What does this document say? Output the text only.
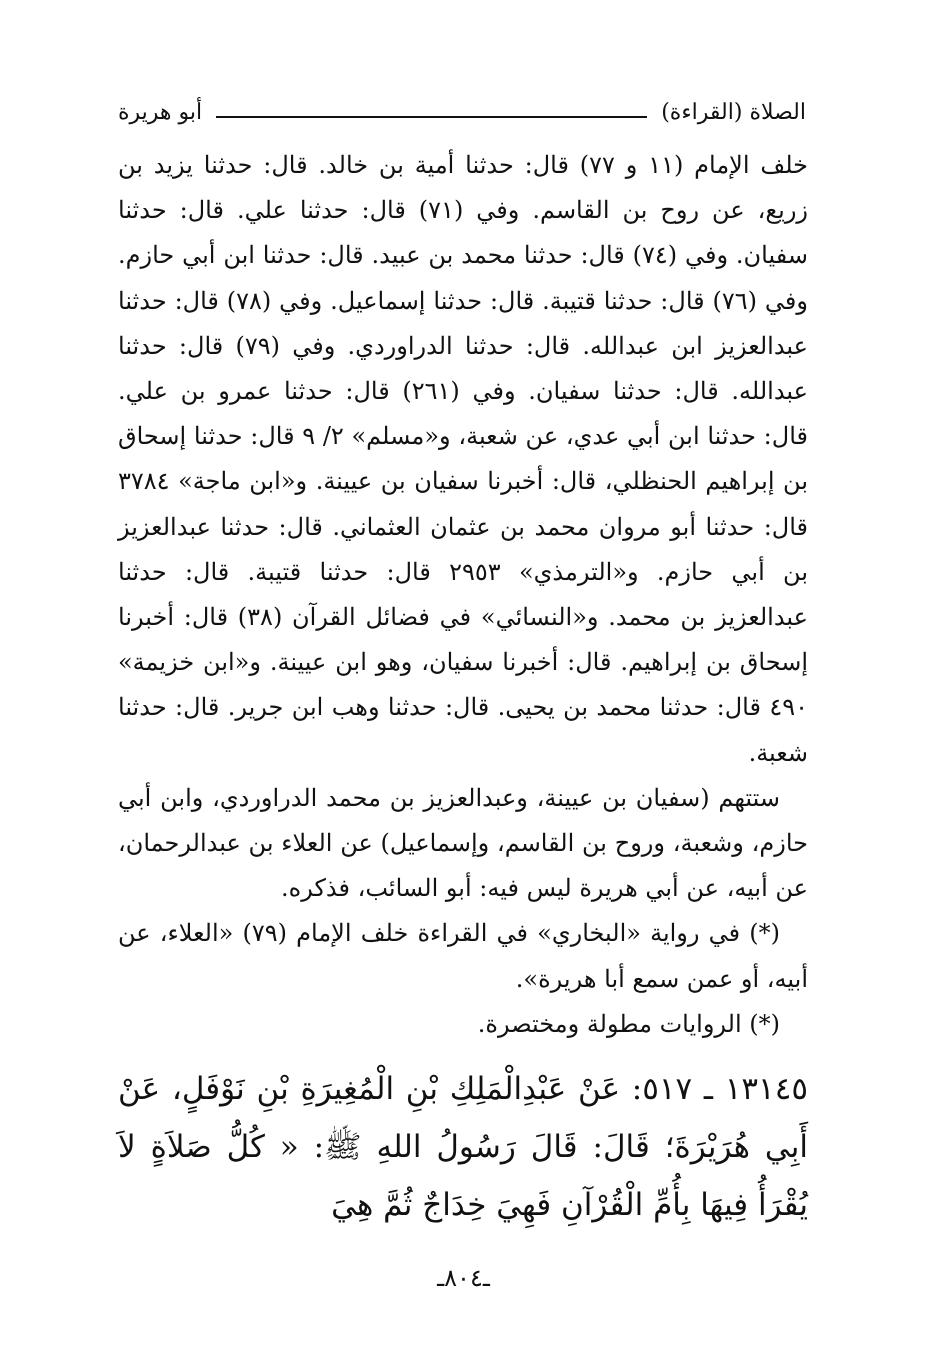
الصلاة (القراءة)
أبو هريرة

خلف الإمام (١١ و ٧٧) قال: حدثنا أمية بن خالد. قال: حدثنا يزيد بن زريع، عن روح بن القاسم. وفي (٧١) قال: حدثنا علي. قال: حدثنا سفيان. وفي (٧٤) قال: حدثنا محمد بن عبيد. قال: حدثنا ابن أبي حازم. وفي (٧٦) قال: حدثنا قتيبة. قال: حدثنا إسماعيل. وفي (٧٨) قال: حدثنا عبدالعزيز ابن عبدالله. قال: حدثنا الدراوردي. وفي (٧٩) قال: حدثنا عبدالله. قال: حدثنا سفيان. وفي (٢٦١) قال: حدثنا عمرو بن علي. قال: حدثنا ابن أبي عدي، عن شعبة، و«مسلم» ٢/ ٩ قال: حدثنا إسحاق بن إبراهيم الحنظلي، قال: أخبرنا سفيان بن عيينة. و«ابن ماجة» ٣٧٨٤ قال: حدثنا أبو مروان محمد بن عثمان العثماني. قال: حدثنا عبدالعزيز بن أبي حازم. و«الترمذي» ٢٩٥٣ قال: حدثنا قتيبة. قال: حدثنا عبدالعزيز بن محمد. و«النسائي» في فضائل القرآن (٣٨) قال: أخبرنا إسحاق بن إبراهيم. قال: أخبرنا سفيان، وهو ابن عيينة. و«ابن خزيمة» ٤٩٠ قال: حدثنا محمد بن يحيى. قال: حدثنا وهب ابن جرير. قال: حدثنا شعبة.

ستتهم (سفيان بن عيينة، وعبدالعزيز بن محمد الدراوردي، وابن أبي حازم، وشعبة، وروح بن القاسم، وإسماعيل) عن العلاء بن عبدالرحمان، عن أبيه، عن أبي هريرة ليس فيه: أبو السائب، فذكره.

(*) في رواية «البخاري» في القراءة خلف الإمام (٧٩) «العلاء، عن أبيه، أو عمن سمع أبا هريرة».

(*) الروايات مطولة ومختصرة.

١٣١٤٥ ـ ٥١٧: عَنْ عَبْدِالْمَلِكِ بْنِ الْمُغِيرَةِ بْنِ نَوْفَلٍ، عَنْ أَبِي هُرَيْرَةَ؛ قَالَ: قَالَ رَسُولُ اللهِ ﷺ: « كُلُّ صَلاَةٍ لاَ يُقْرَأُ فِيهَا بِأُمِّ الْقُرْآنِ فَهِيَ خِدَاجٌ ثُمَّ هِيَ

ـ٨٠٤ـ
